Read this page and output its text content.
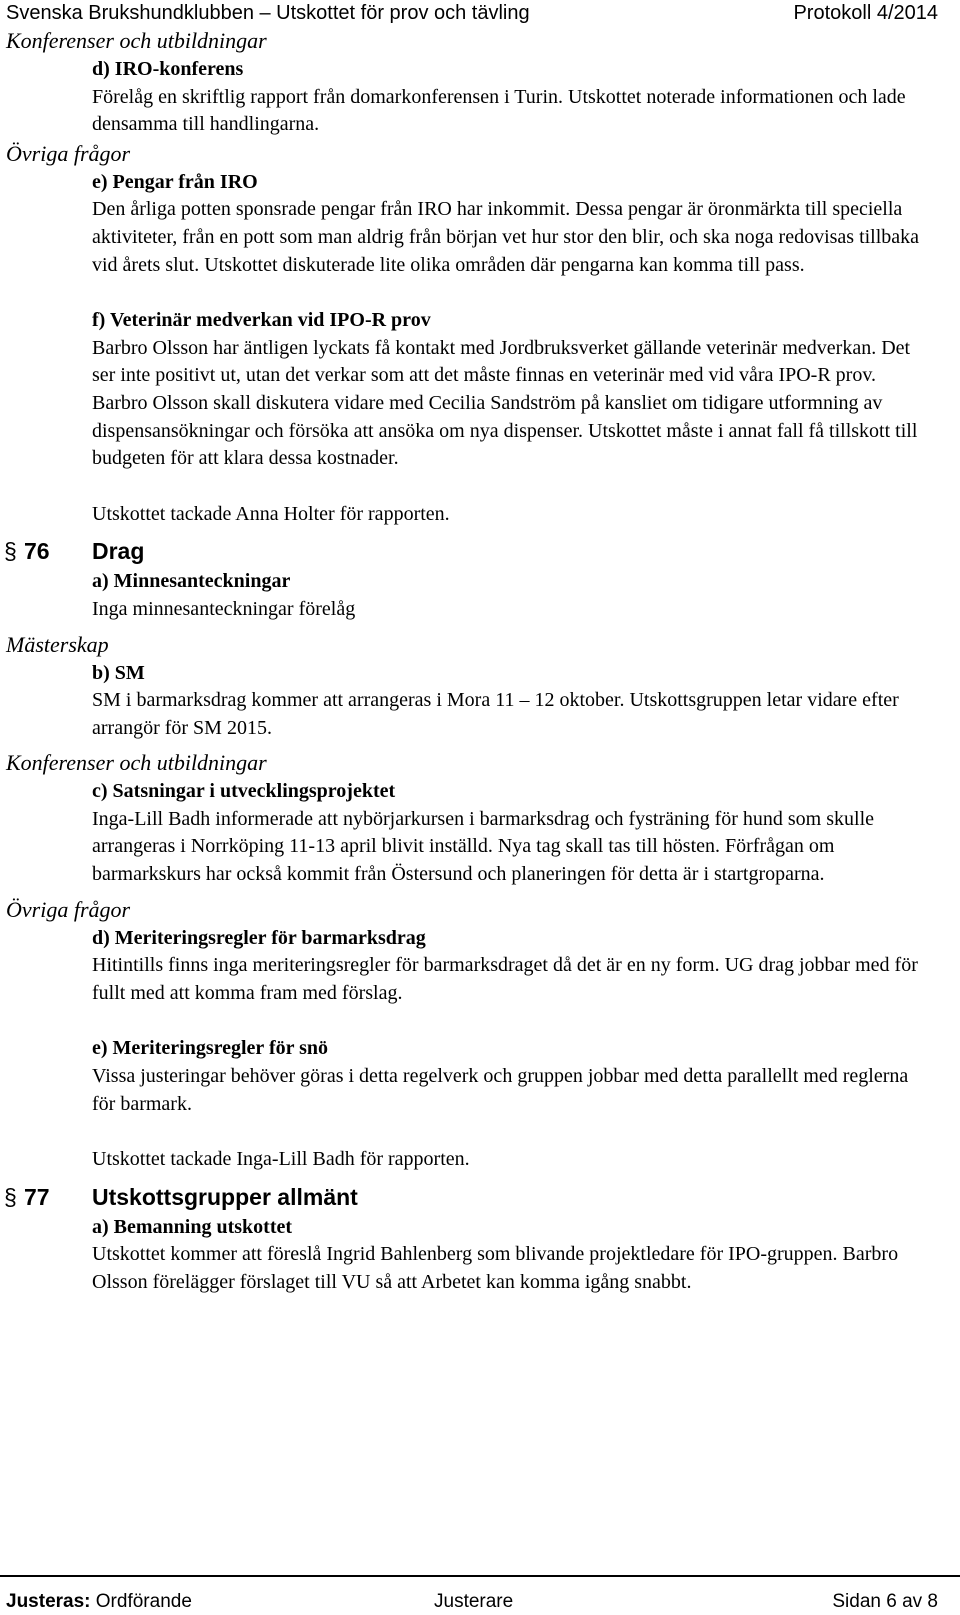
Svenska Brukshundklubben – Utskottet för prov och tävling	Protokoll 4/2014
Konferenser och utbildningar
d) IRO-konferens

Förelåg en skriftlig rapport från domarkonferensen i Turin. Utskottet noterade informationen och lade densamma till handlingarna.

Övriga frågor
e) Pengar från IRO

Den årliga potten sponsrade pengar från IRO har inkommit. Dessa pengar är öronmärkta till speciella aktiviteter, från en pott som man aldrig från början vet hur stor den blir, och ska noga redovisas tillbaka vid årets slut. Utskottet diskuterade lite olika områden där pengarna kan komma till pass.

f) Veterinär medverkan vid IPO-R prov

Barbro Olsson har äntligen lyckats få kontakt med Jordbruksverket gällande veterinär medverkan. Det ser inte positivt ut, utan det verkar som att det måste finnas en veterinär med vid våra IPO-R prov. Barbro Olsson skall diskutera vidare med Cecilia Sandström på kansliet om tidigare utformning av dispensansökningar och försöka att ansöka om nya dispenser. Utskottet måste i annat fall få tillskott till budgeten för att klara dessa kostnader.

Utskottet tackade Anna Holter för rapporten.

§ 76 Drag
a) Minnesanteckningar

Inga minnesanteckningar förelåg

Mästerskap
b) SM

SM i barmarksdrag kommer att arrangeras i Mora 11 – 12 oktober. Utskottsgruppen letar vidare efter arrangör för SM 2015.

Konferenser och utbildningar
c) Satsningar i utvecklingsprojektet

Inga-Lill Badh informerade att nybörjarkursen i barmarksdrag och fysträning för hund som skulle arrangeras i Norrköping 11-13 april blivit inställd. Nya tag skall tas till hösten. Förfrågan om barmarkskurs har också kommit från Östersund och planeringen för detta är i startgroparna.

Övriga frågor
d) Meriteringsregler för barmarksdrag

Hitintills finns inga meriteringsregler för barmarksdraget då det är en ny form. UG drag jobbar med för fullt med att komma fram med förslag.

e) Meriteringsregler för snö

Vissa justeringar behöver göras i detta regelverk och gruppen jobbar med detta parallellt med reglerna för barmark.

Utskottet tackade Inga-Lill Badh för rapporten.

§ 77 Utskottsgrupper allmänt
a) Bemanning utskottet

Utskottet kommer att föreslå Ingrid Bahlenberg som blivande projektledare för IPO-gruppen. Barbro Olsson förelägger förslaget till VU så att Arbetet kan komma igång snabbt.

Justeras: Ordförande	Justerare	Sidan 6 av 8
